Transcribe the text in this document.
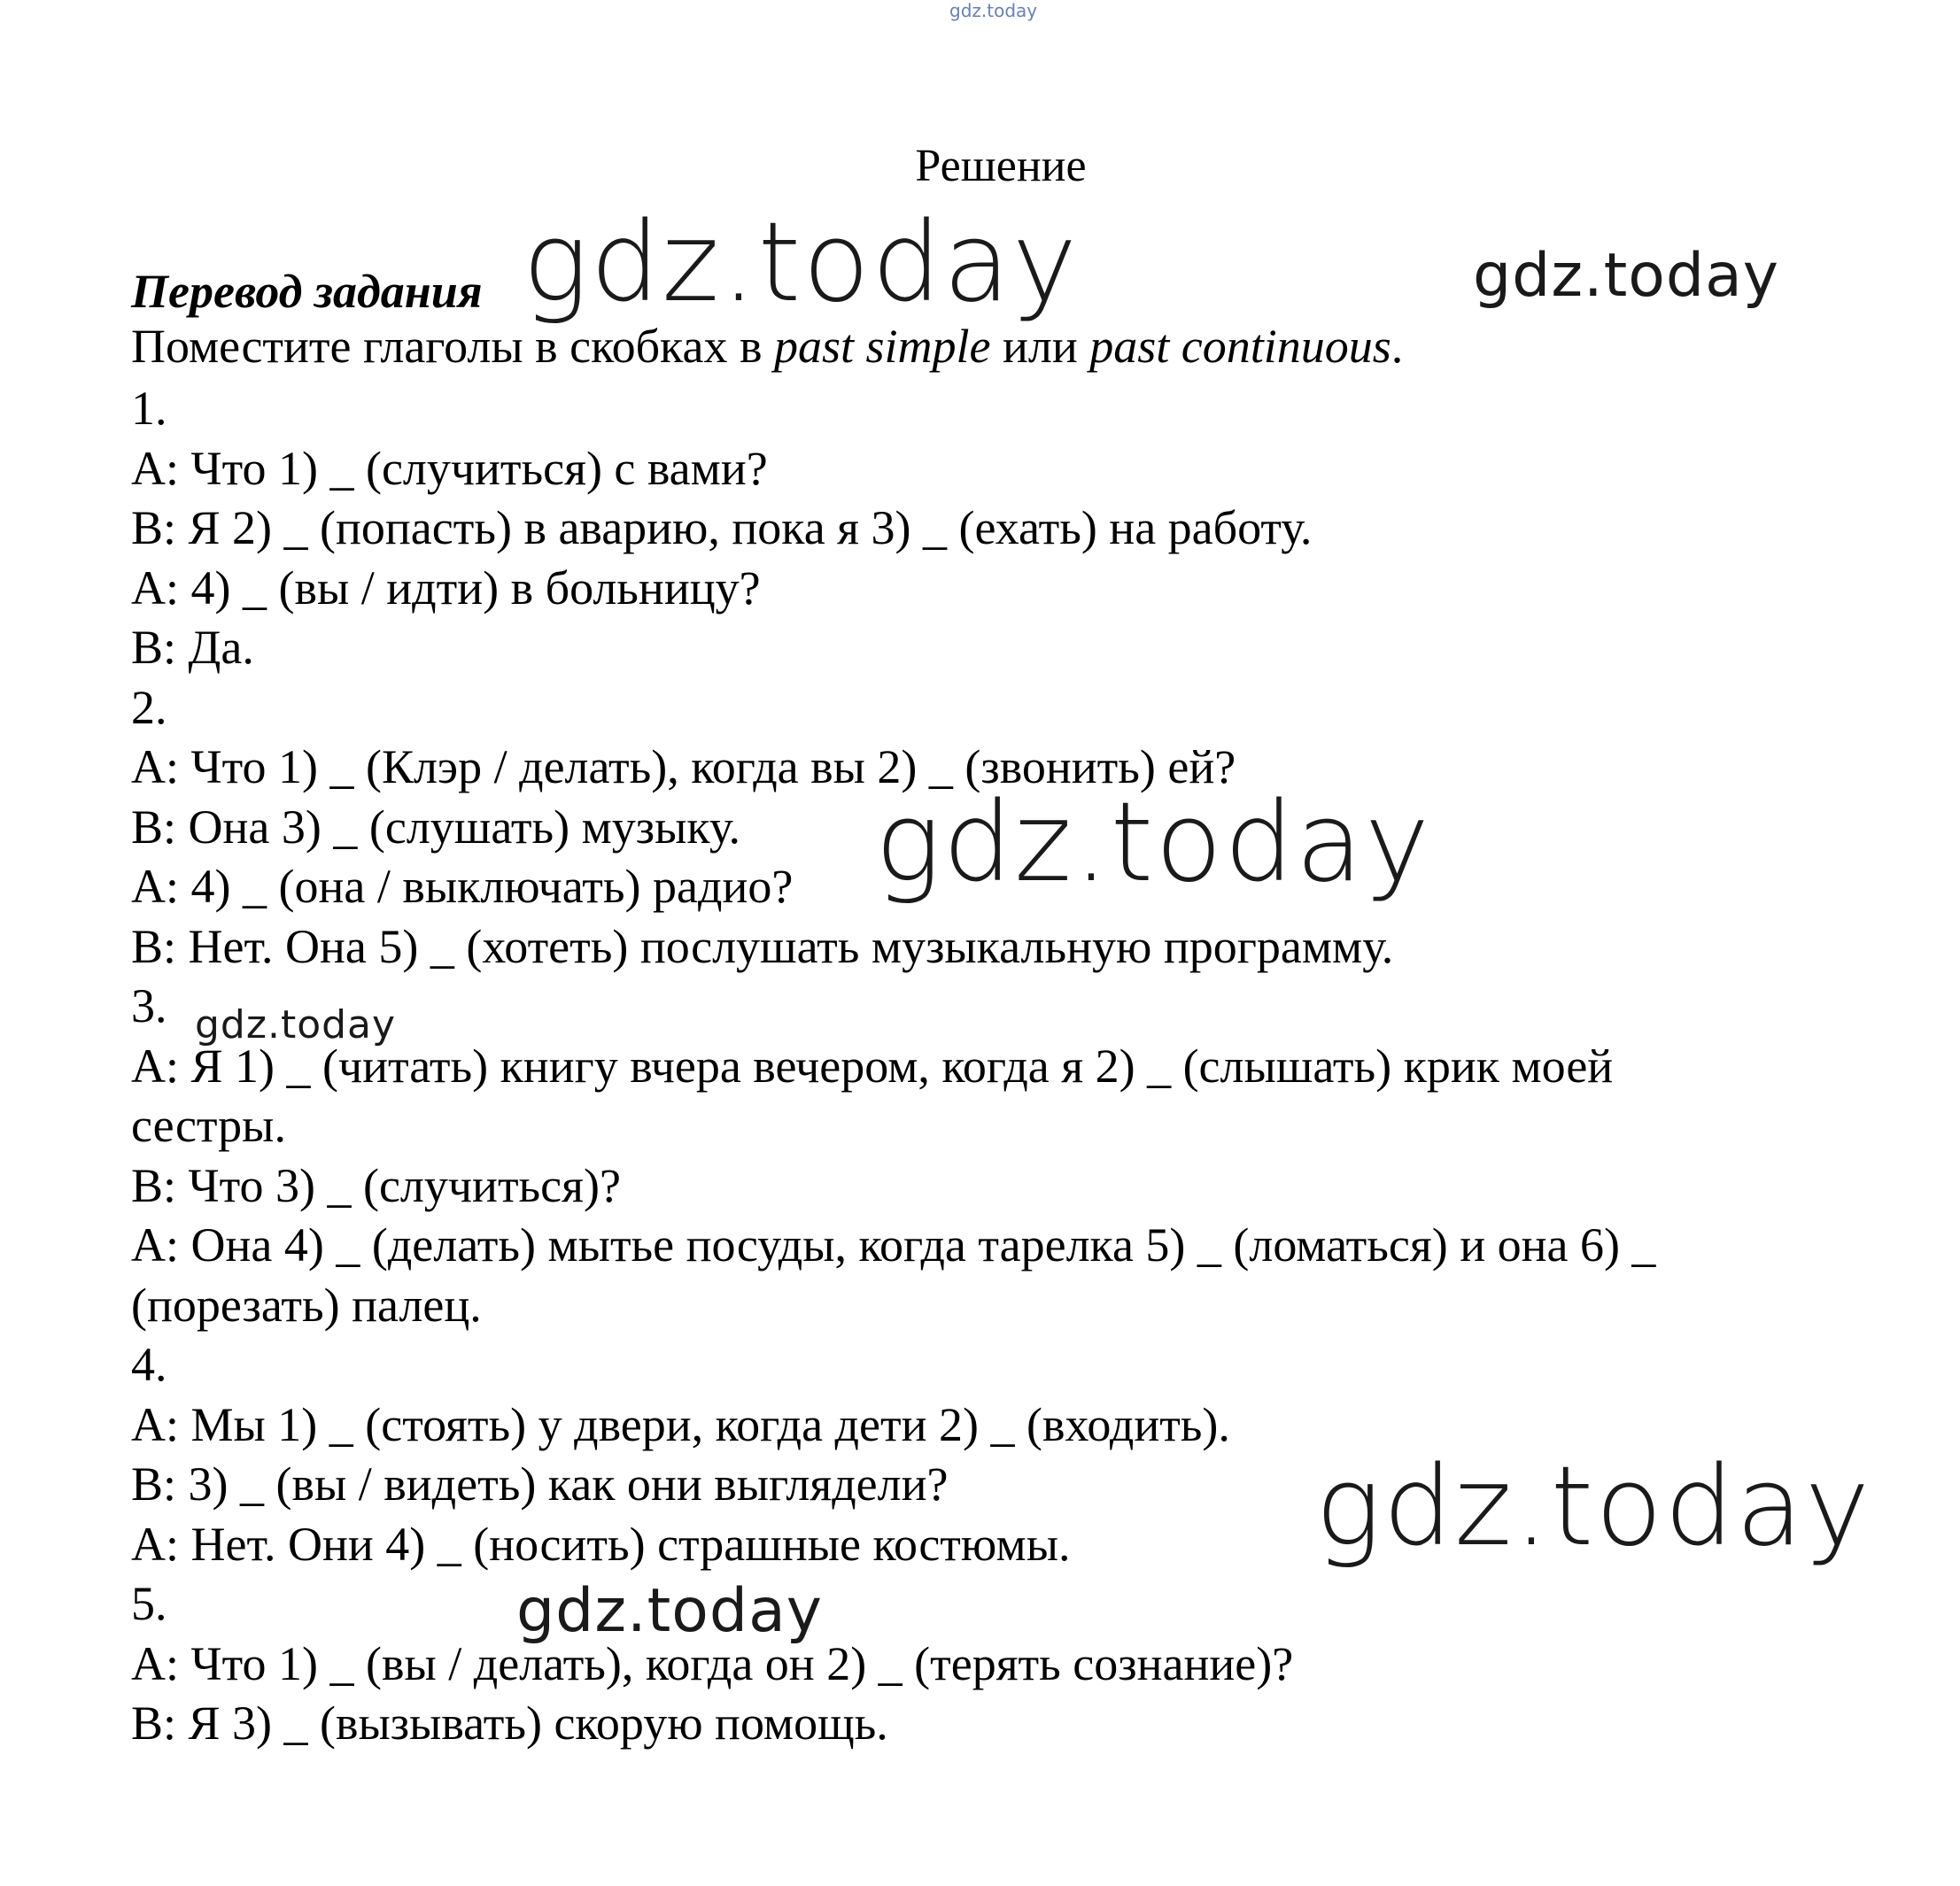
gdz.today
Решение
Перевод задания
Поместите глаголы в скобках в past simple или past continuous.
1.
A: Что 1) _ (случиться) с вами?
B: Я 2) _ (попасть) в аварию, пока я 3) _ (ехать) на работу.
A: 4) _ (вы / идти) в больницу?
B: Да.
2.
A: Что 1) _ (Клэр / делать), когда вы 2) _ (звонить) ей?
B: Она 3) _ (слушать) музыку.
A: 4) _ (она / выключать) радио?
B: Нет. Она 5) _ (хотеть) послушать музыкальную программу.
3.
A: Я 1) _ (читать) книгу вчера вечером, когда я 2) _ (слышать) крик моей
сестры.
B: Что 3) _ (случиться)?
A: Она 4) _ (делать) мытье посуды, когда тарелка 5) _ (ломаться) и она 6) _
(порезать) палец.
4.
A: Мы 1) _ (стоять) у двери, когда дети 2) _ (входить).
B: 3) _ (вы / видеть) как они выглядели?
A: Нет. Они 4) _ (носить) страшные костюмы.
5.
A: Что 1) _ (вы / делать), когда он 2) _ (терять сознание)?
B: Я 3) _ (вызывать) скорую помощь.
gdz.today	gdz.today
gdz.today
gdz.today
gdz.today
gdz.today
